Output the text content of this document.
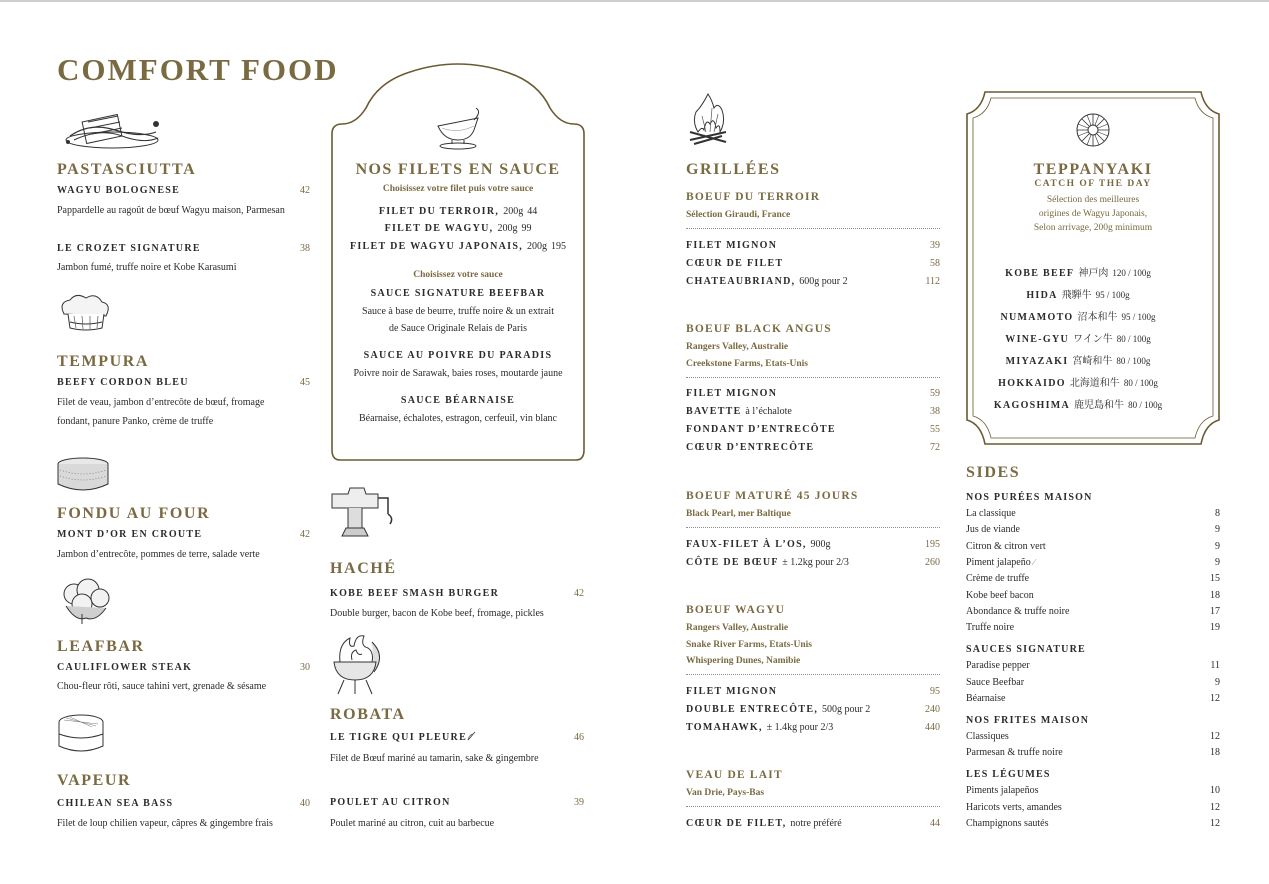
COMFORT FOOD
PASTASCIUTTA
WAGYU BOLOGNESE	42
Pappardelle au ragoût de bœuf Wagyu maison, Parmesan
LE CROZET SIGNATURE	38
Jambon fumé, truffe noire et Kobe Karasumi
TEMPURA
BEEFY CORDON BLEU	45
Filet de veau, jambon d’entrecôte de bœuf, fromage
fondant, panure Panko, crème de truffe
FONDU AU FOUR
MONT D’OR EN CROUTE	42
Jambon d’entrecôte, pommes de terre, salade verte
LEAFBAR
CAULIFLOWER STEAK	30
Chou-fleur rôti, sauce tahini vert, grenade & sésame
VAPEUR
CHILEAN SEA BASS	40
Filet de loup chilien vapeur, câpres & gingembre frais
NOS FILETS EN SAUCE
Choisissez votre filet puis votre sauce
FILET DU TERROIR, 200g 44
FILET DE WAGYU, 200g 99
FILET DE WAGYU JAPONAIS, 200g 195
Choisissez votre sauce
SAUCE SIGNATURE BEEFBAR
Sauce à base de beurre, truffe noire & un extrait
de Sauce Originale Relais de Paris
SAUCE AU POIVRE DU PARADIS
Poivre noir de Sarawak, baies roses, moutarde jaune
SAUCE BÉARNAISE
Béarnaise, échalotes, estragon, cerfeuil, vin blanc
HACHÉ
KOBE BEEF SMASH BURGER	42
Double burger, bacon de Kobe beef, fromage, pickles
ROBATA
LE TIGRE QUI PLEURE	46
Filet de Bœuf mariné au tamarin, sake & gingembre
POULET AU CITRON	39
Poulet mariné au citron, cuit au barbecue
GRILLÉES
BOEUF DU TERROIR
Sélection Giraudi, France
FILET MIGNON	39
CŒUR DE FILET	58
CHATEAUBRIAND, 600g pour 2	112
BOEUF BLACK ANGUS
Rangers Valley, Australie
Creekstone Farms, Etats-Unis
FILET MIGNON	59
BAVETTE à l’échalote	38
FONDANT D’ENTRECÔTE	55
CŒUR D’ENTRECÔTE	72
BOEUF MATURÉ 45 JOURS
Black Pearl, mer Baltique
FAUX-FILET À L’OS, 900g	195
CÔTE DE BŒUF ± 1.2kg pour 2/3	260
BOEUF WAGYU
Rangers Valley, Australie
Snake River Farms, Etats-Unis
Whispering Dunes, Namibie
FILET MIGNON	95
DOUBLE ENTRECÔTE, 500g pour 2	240
TOMAHAWK, ± 1.4kg pour 2/3	440
VEAU DE LAIT
Van Drie, Pays-Bas
CŒUR DE FILET, notre préféré	44
TEPPANYAKI
CATCH OF THE DAY
Sélection des meilleures
origines de Wagyu Japonais,
Selon arrivage, 200g minimum
KOBE BEEF 神戸肉 120 / 100g
HIDA 飛騨牛 95 / 100g
NUMAMOTO 沼本和牛 95 / 100g
WINE-GYU ワイン牛 80 / 100g
MIYAZAKI 宮崎和牛 80 / 100g
HOKKAIDO 北海道和牛 80 / 100g
KAGOSHIMA 鹿児島和牛 80 / 100g
SIDES
NOS PURÉES MAISON
La classique	8
Jus de viande	9
Citron & citron vert	9
Piment jalapeño ∕	9
Crème de truffe	15
Kobe beef bacon	18
Abondance & truffe noire	17
Truffe noire	19
SAUCES SIGNATURE
Paradise pepper	11
Sauce Beefbar	9
Béarnaise	12
NOS FRITES MAISON
Classiques	12
Parmesan & truffe noire	18
LES LÉGUMES
Piments jalapeños	10
Haricots verts, amandes	12
Champignons sautés	12
